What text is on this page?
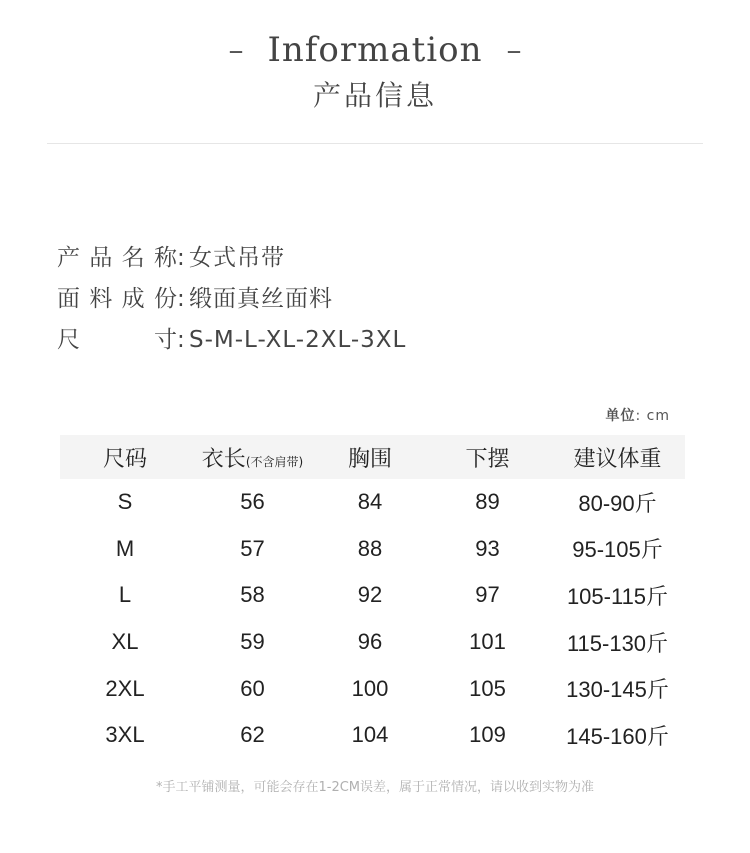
– Information –
产品信息
产品名称 : 女式吊带
面料成份 : 缎面真丝面料
尺寸 : S-M-L-XL-2XL-3XL
单位: cm
尺码	衣长(不含肩带)	胸围	下摆	建议体重
S	56	84	89	80-90斤
M	57	88	93	95-105斤
L	58	92	97	105-115斤
XL	59	96	101	115-130斤
2XL	60	100	105	130-145斤
3XL	62	104	109	145-160斤
*手工平铺测量，可能会存在1-2CM误差，属于正常情况，请以收到实物为准
